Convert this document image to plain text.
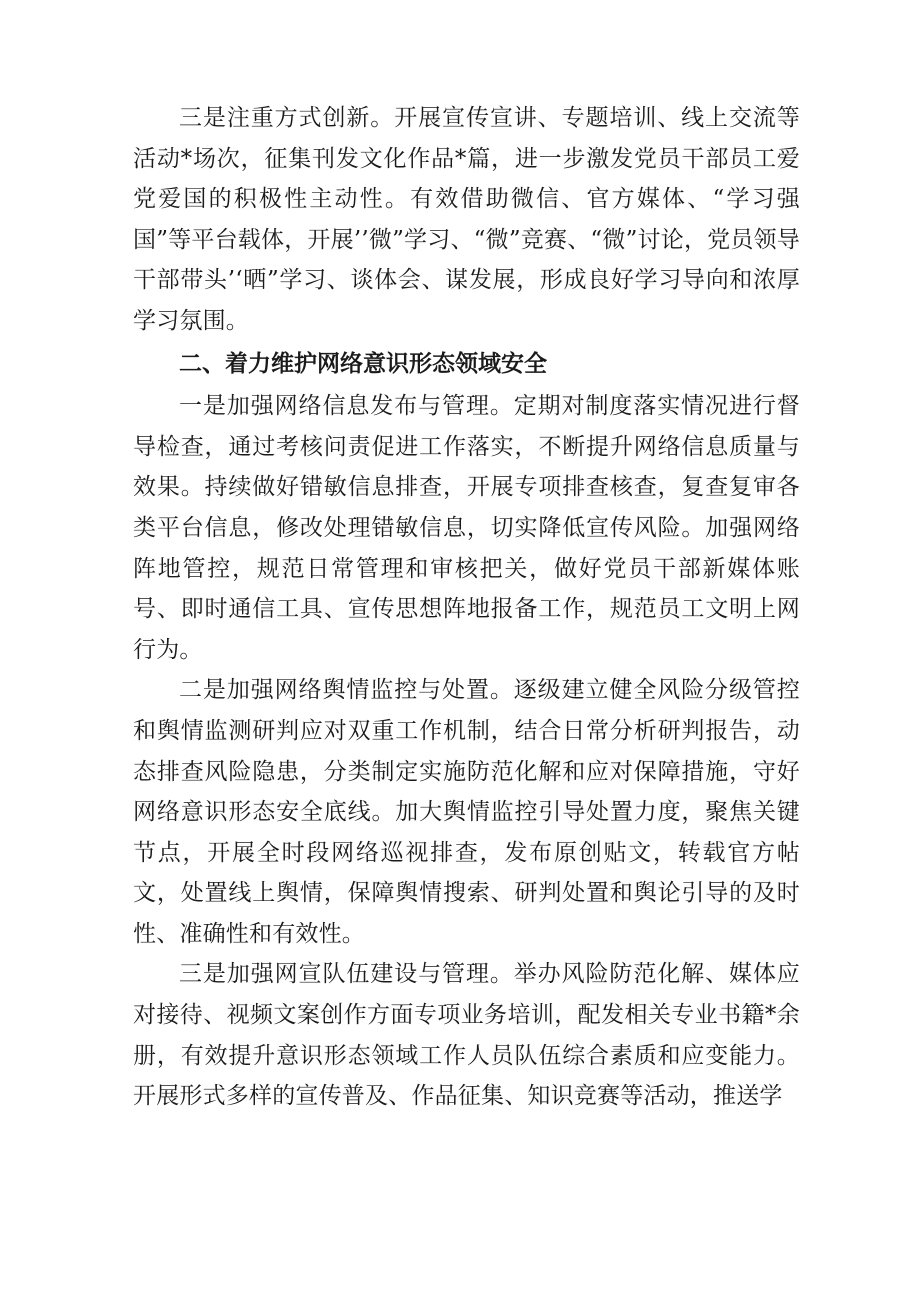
三是注重方式创新。开展宣传宣讲、专题培训、线上交流等活动*场次，征集刊发文化作品*篇，进一步激发党员干部员工爱党爱国的积极性主动性。有效借助微信、官方媒体、“学习强国”等平台载体，开展’’微”学习、“微”竞赛、“微”讨论，党员领导干部带头’‘晒”学习、谈体会、谋发展，形成良好学习导向和浓厚学习氛围。

二、着力维护网络意识形态领域安全

一是加强网络信息发布与管理。定期对制度落实情况进行督导检查，通过考核问责促进工作落实，不断提升网络信息质量与效果。持续做好错敏信息排查，开展专项排查核查，复查复审各类平台信息，修改处理错敏信息，切实降低宣传风险。加强网络阵地管控，规范日常管理和审核把关，做好党员干部新媒体账号、即时通信工具、宣传思想阵地报备工作，规范员工文明上网行为。

二是加强网络舆情监控与处置。逐级建立健全风险分级管控和舆情监测研判应对双重工作机制，结合日常分析研判报告，动态排查风险隐患，分类制定实施防范化解和应对保障措施，守好网络意识形态安全底线。加大舆情监控引导处置力度，聚焦关键节点，开展全时段网络巡视排查，发布原创贴文，转载官方帖文，处置线上舆情，保障舆情搜索、研判处置和舆论引导的及时性、准确性和有效性。

三是加强网宣队伍建设与管理。举办风险防范化解、媒体应对接待、视频文案创作方面专项业务培训，配发相关专业书籍*余册，有效提升意识形态领域工作人员队伍综合素质和应变能力。开展形式多样的宣传普及、作品征集、知识竞赛等活动，推送学
